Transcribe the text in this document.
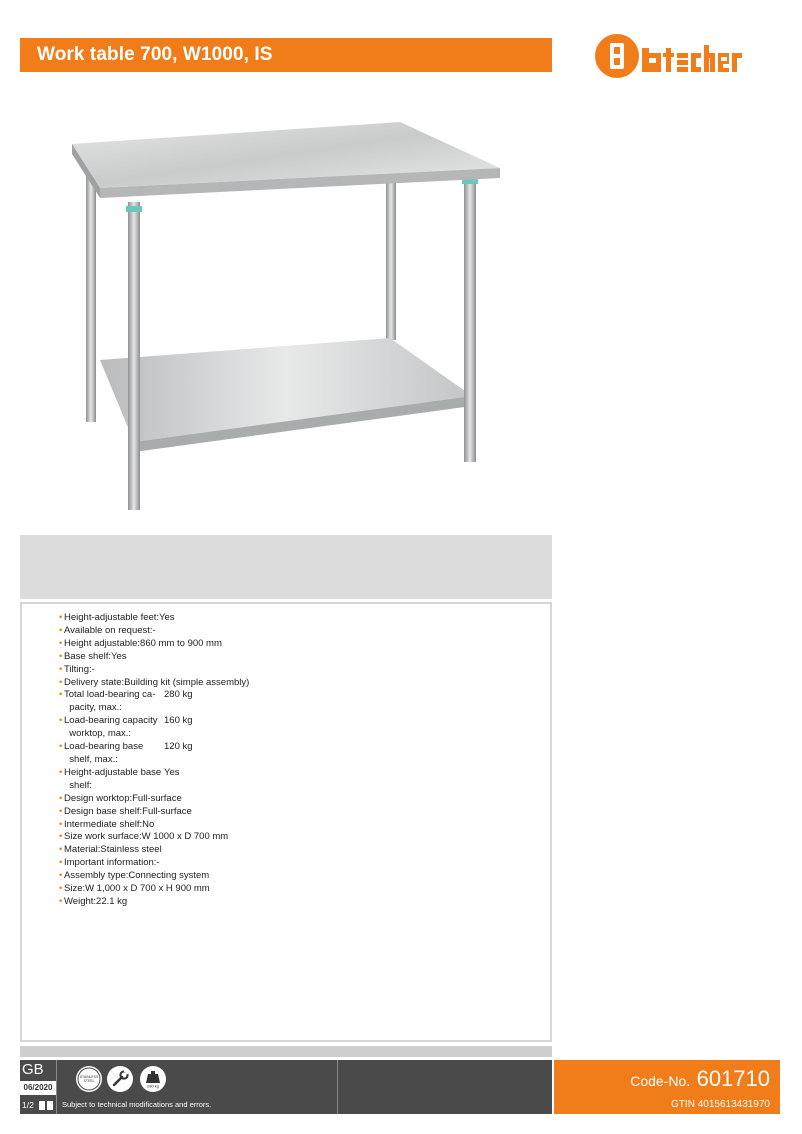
Work table 700, W1000, IS
• Height-adjustable feet:Yes
• Available on request:-
• Height adjustable:860 mm to 900 mm
• Base shelf:Yes
• Tilting:-
• Delivery state:Building kit (simple assembly)
• Total load-bearing ca-
pacity, max.:
280 kg
• Load-bearing capacity
worktop, max.:
160 kg
• Load-bearing base
shelf, max.:
120 kg
• Height-adjustable base
shelf:
Yes
• Design worktop:Full-surface
• Design base shelf:Full-surface
• Intermediate shelf:No
• Size work surface:W 1000 x D 700 mm
• Material:Stainless steel
• Important information:-
• Assembly type:Connecting system
• Size:W 1,000 x D 700 x H 900 mm
• Weight:22.1 kg
GB
06/2020
1/2
STAINLESS
STEEL
280 kg
Subject to technical modifications and errors.
Code-No. 601710
GTIN 4015613431970
